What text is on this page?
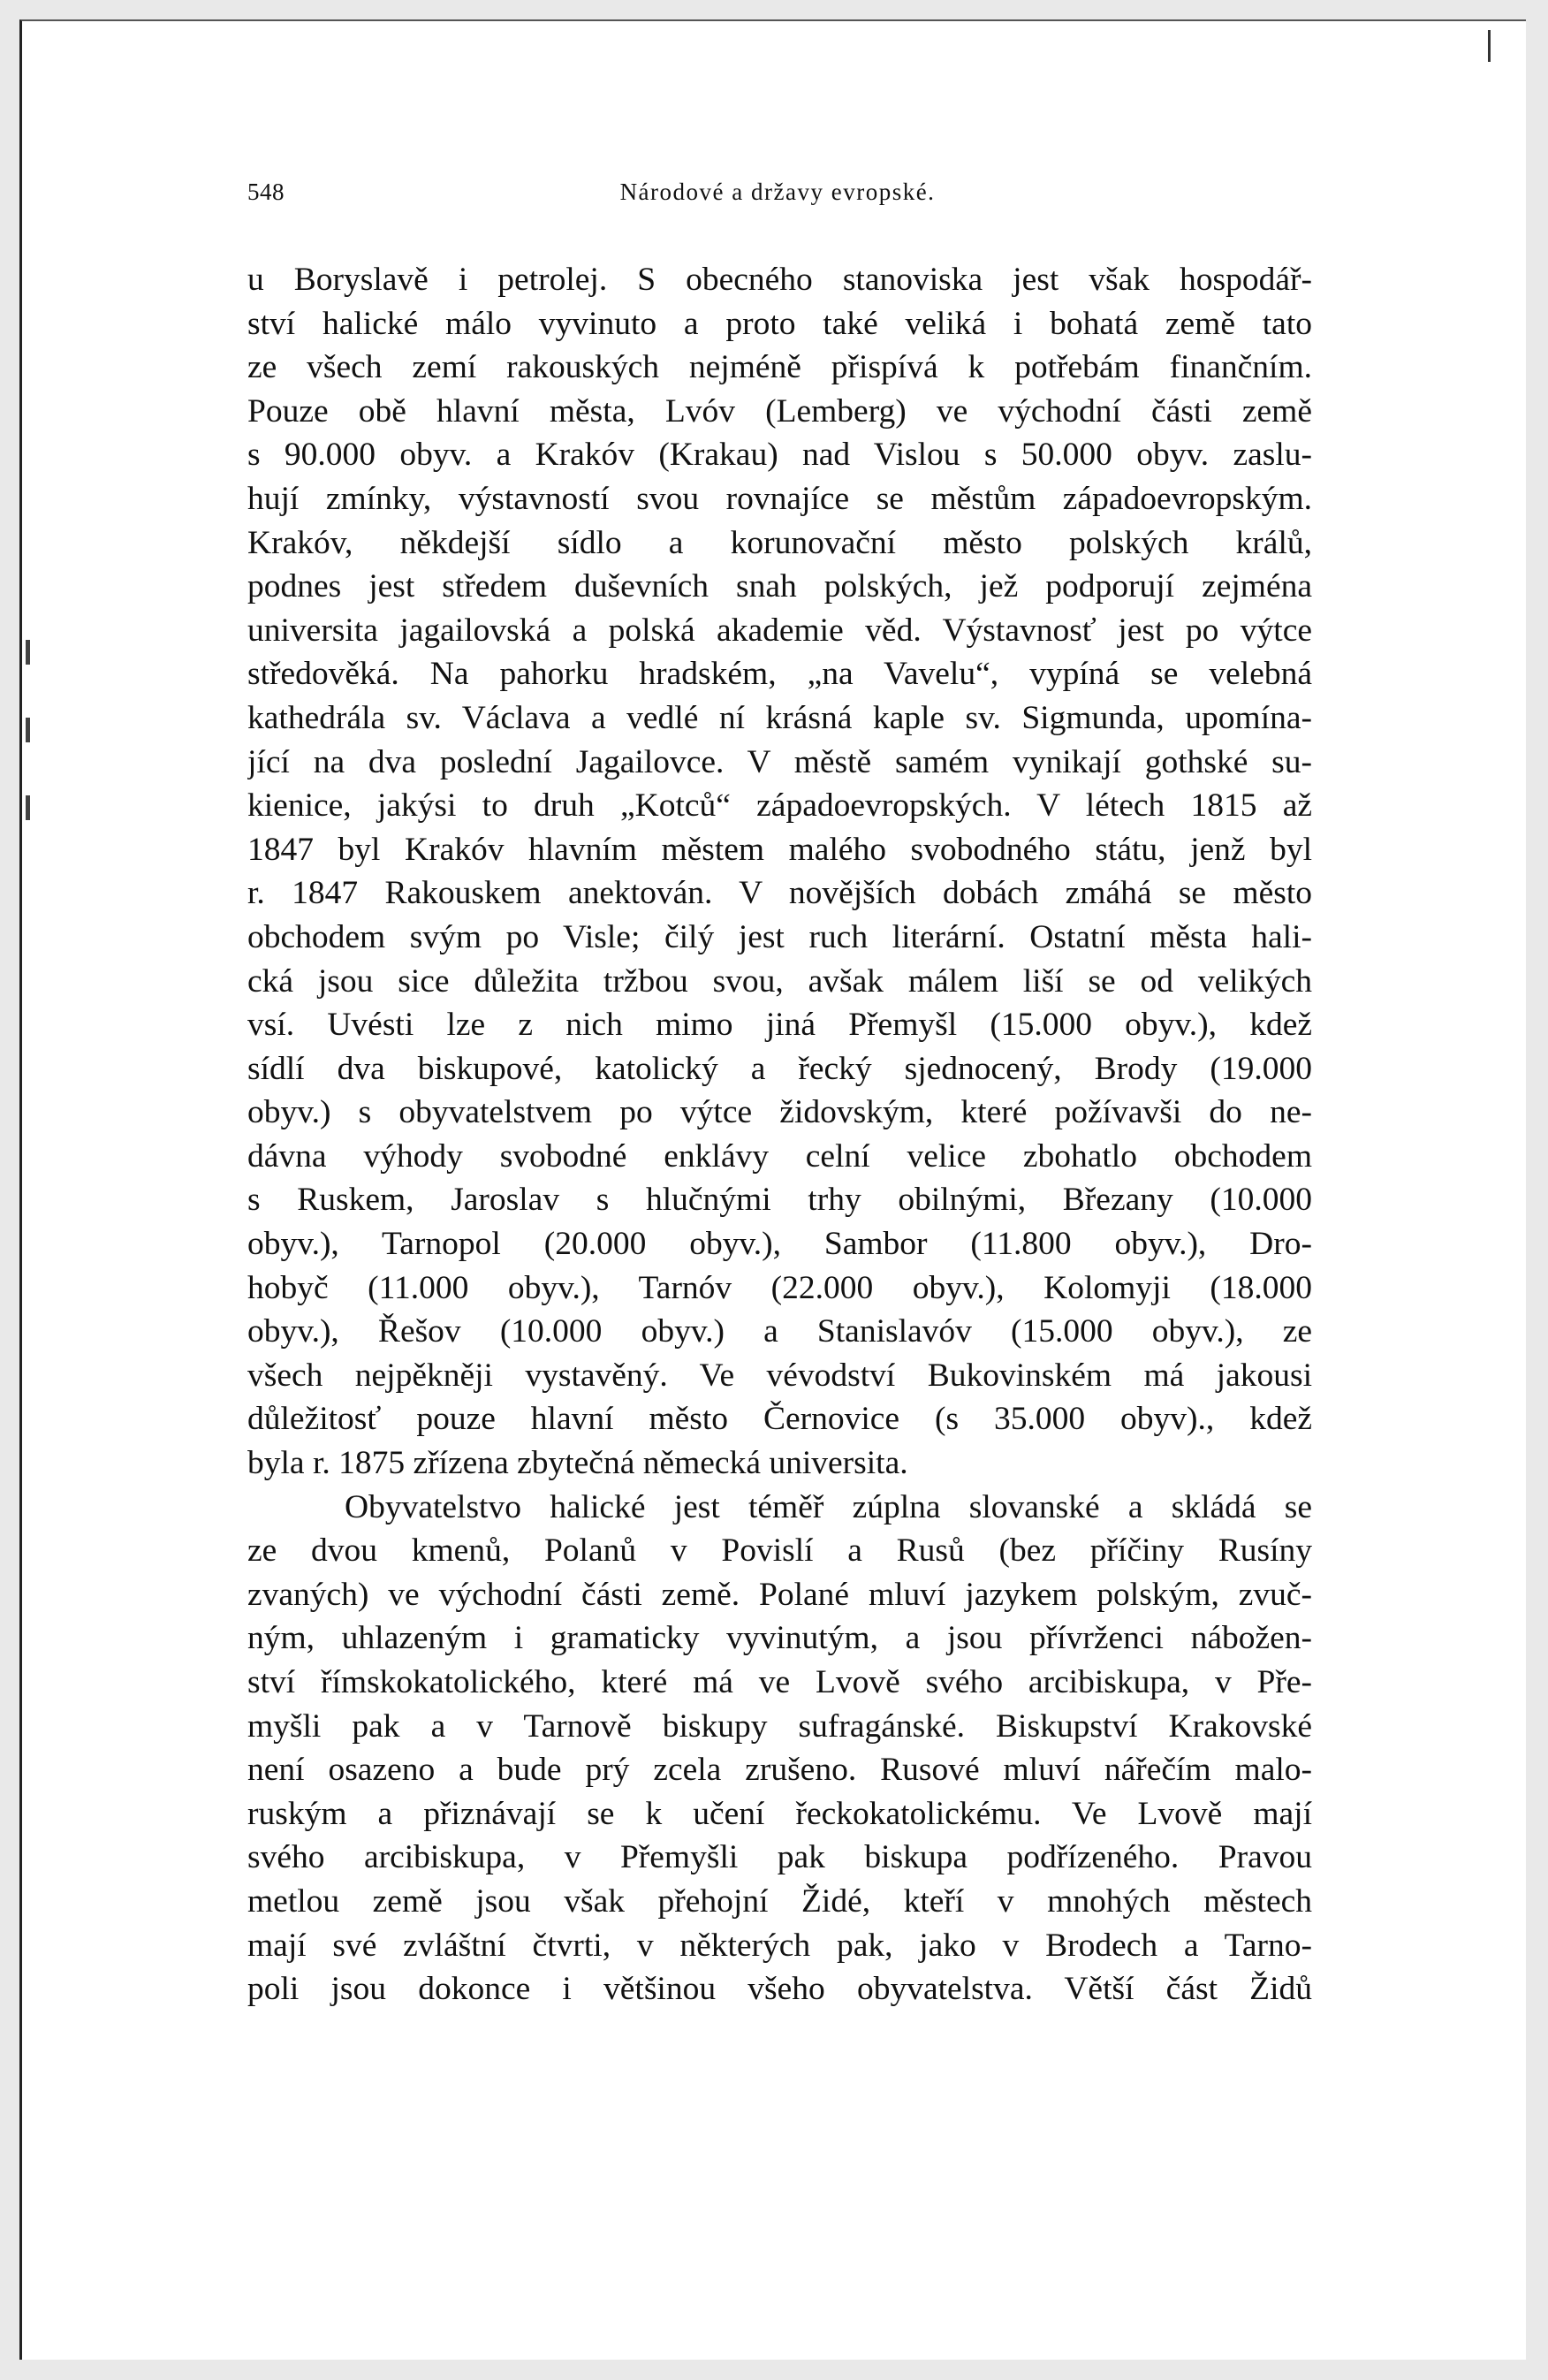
548	Národové a državy evropské.
u Boryslavě i petrolej. S obecného stanoviska jest však hospodář-
ství halické málo vyvinuto a proto také veliká i bohatá země tato
ze všech zemí rakouských nejméně přispívá k potřebám finančním.
Pouze obě hlavní města, Lvóv (Lemberg) ve východní části země
s 90.000 obyv. a Krakóv (Krakau) nad Vislou s 50.000 obyv. zaslu-
hují zmínky, výstavností svou rovnajíce se městům západoevropským.
Krakóv, někdejší sídlo a korunovační město polských králů,
podnes jest středem duševních snah polských, jež podporují zejména
universita jagailovská a polská akademie věd. Výstavnosť jest po výtce
středověká. Na pahorku hradském, „na Vavelu“, vypíná se velebná
kathedrála sv. Václava a vedlé ní krásná kaple sv. Sigmunda, upomína-
jící na dva poslední Jagailovce. V městě samém vynikají gothské su-
kienice, jakýsi to druh „Kotců“ západoevropských. V létech 1815 až
1847 byl Krakóv hlavním městem malého svobodného státu, jenž byl
r. 1847 Rakouskem anektován. V novějších dobách zmáhá se město
obchodem svým po Visle; čilý jest ruch literární. Ostatní města hali-
cká jsou sice důležita tržbou svou, avšak málem liší se od velikých
vsí. Uvésti lze z nich mimo jiná Přemyšl (15.000 obyv.), kdež
sídlí dva biskupové, katolický a řecký sjednocený, Brody (19.000
obyv.) s obyvatelstvem po výtce židovským, které požívavši do ne-
dávna výhody svobodné enklávy celní velice zbohatlo obchodem
s Ruskem, Jaroslav s hlučnými trhy obilnými, Březany (10.000
obyv.), Tarnopol (20.000 obyv.), Sambor (11.800 obyv.), Dro-
hobyč (11.000 obyv.), Tarnóv (22.000 obyv.), Kolomyji (18.000
obyv.), Řešov (10.000 obyv.) a Stanislavóv (15.000 obyv.), ze
všech nejpěkněji vystavěný. Ve vévodství Bukovinském má jakousi
důležitosť pouze hlavní město Černovice (s 35.000 obyv)., kdež
byla r. 1875 zřízena zbytečná německá universita.
Obyvatelstvo halické jest téměř zúplna slovanské a skládá se
ze dvou kmenů, Polanů v Povislí a Rusů (bez příčiny Rusíny
zvaných) ve východní části země. Polané mluví jazykem polským, zvuč-
ným, uhlazeným i gramaticky vyvinutým, a jsou přívrženci nábožen-
ství římskokatolického, které má ve Lvově svého arcibiskupa, v Pře-
myšli pak a v Tarnově biskupy sufragánské. Biskupství Krakovské
není osazeno a bude prý zcela zrušeno. Rusové mluví nářečím malo-
ruským a přiznávají se k učení řeckokatolickému. Ve Lvově mají
svého arcibiskupa, v Přemyšli pak biskupa podřízeného. Pravou
metlou země jsou však přehojní Židé, kteří v mnohých městech
mají své zvláštní čtvrti, v některých pak, jako v Brodech a Tarno-
poli jsou dokonce i většinou všeho obyvatelstva. Větší část Židů
